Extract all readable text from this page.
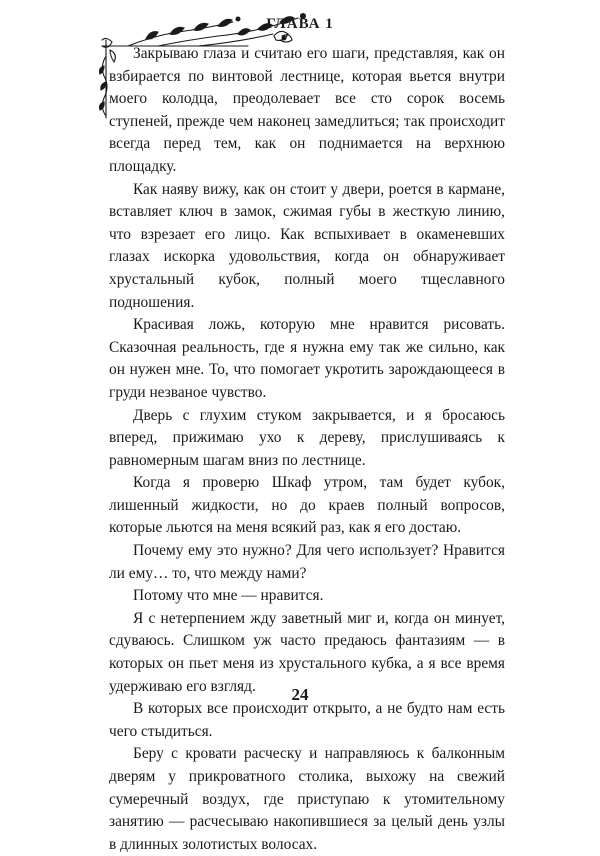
ГЛАВА 1

Закрываю глаза и считаю его шаги, представляя, как он взбирается по винтовой лестнице, которая вьется внутри моего колодца, преодолевает все сто сорок восемь ступеней, прежде чем наконец замедлиться; так происходит всегда перед тем, как он поднимается на верхнюю площадку.

Как наяву вижу, как он стоит у двери, роется в кармане, вставляет ключ в замок, сжимая губы в жесткую линию, что взрезает его лицо. Как вспыхивает в окаменевших глазах искорка удовольствия, когда он обнаруживает хрустальный кубок, полный моего тщеславного подношения.

Красивая ложь, которую мне нравится рисовать. Сказочная реальность, где я нужна ему так же сильно, как он нужен мне. То, что помогает укротить зарождающееся в груди незваное чувство.

Дверь с глухим стуком закрывается, и я бросаюсь вперед, прижимаю ухо к дереву, прислушиваясь к равномерным шагам вниз по лестнице.

Когда я проверю Шкаф утром, там будет кубок, лишенный жидкости, но до краев полный вопросов, которые льются на меня всякий раз, как я его достаю.

Почему ему это нужно? Для чего использует? Нравится ли ему… то, что между нами?

Потому что мне — нравится.

Я с нетерпением жду заветный миг и, когда он минует, сдуваюсь. Слишком уж часто предаюсь фантазиям — в которых он пьет меня из хрустального кубка, а я все время удерживаю его взгляд.

В которых все происходит открыто, а не будто нам есть чего стыдиться.

Беру с кровати расческу и направляюсь к балконным дверям у прикроватного столика, выхожу на свежий сумеречный воздух, где приступаю к утомительному занятию — расчесываю накопившиеся за целый день узлы в длинных золотистых волосах.

24
